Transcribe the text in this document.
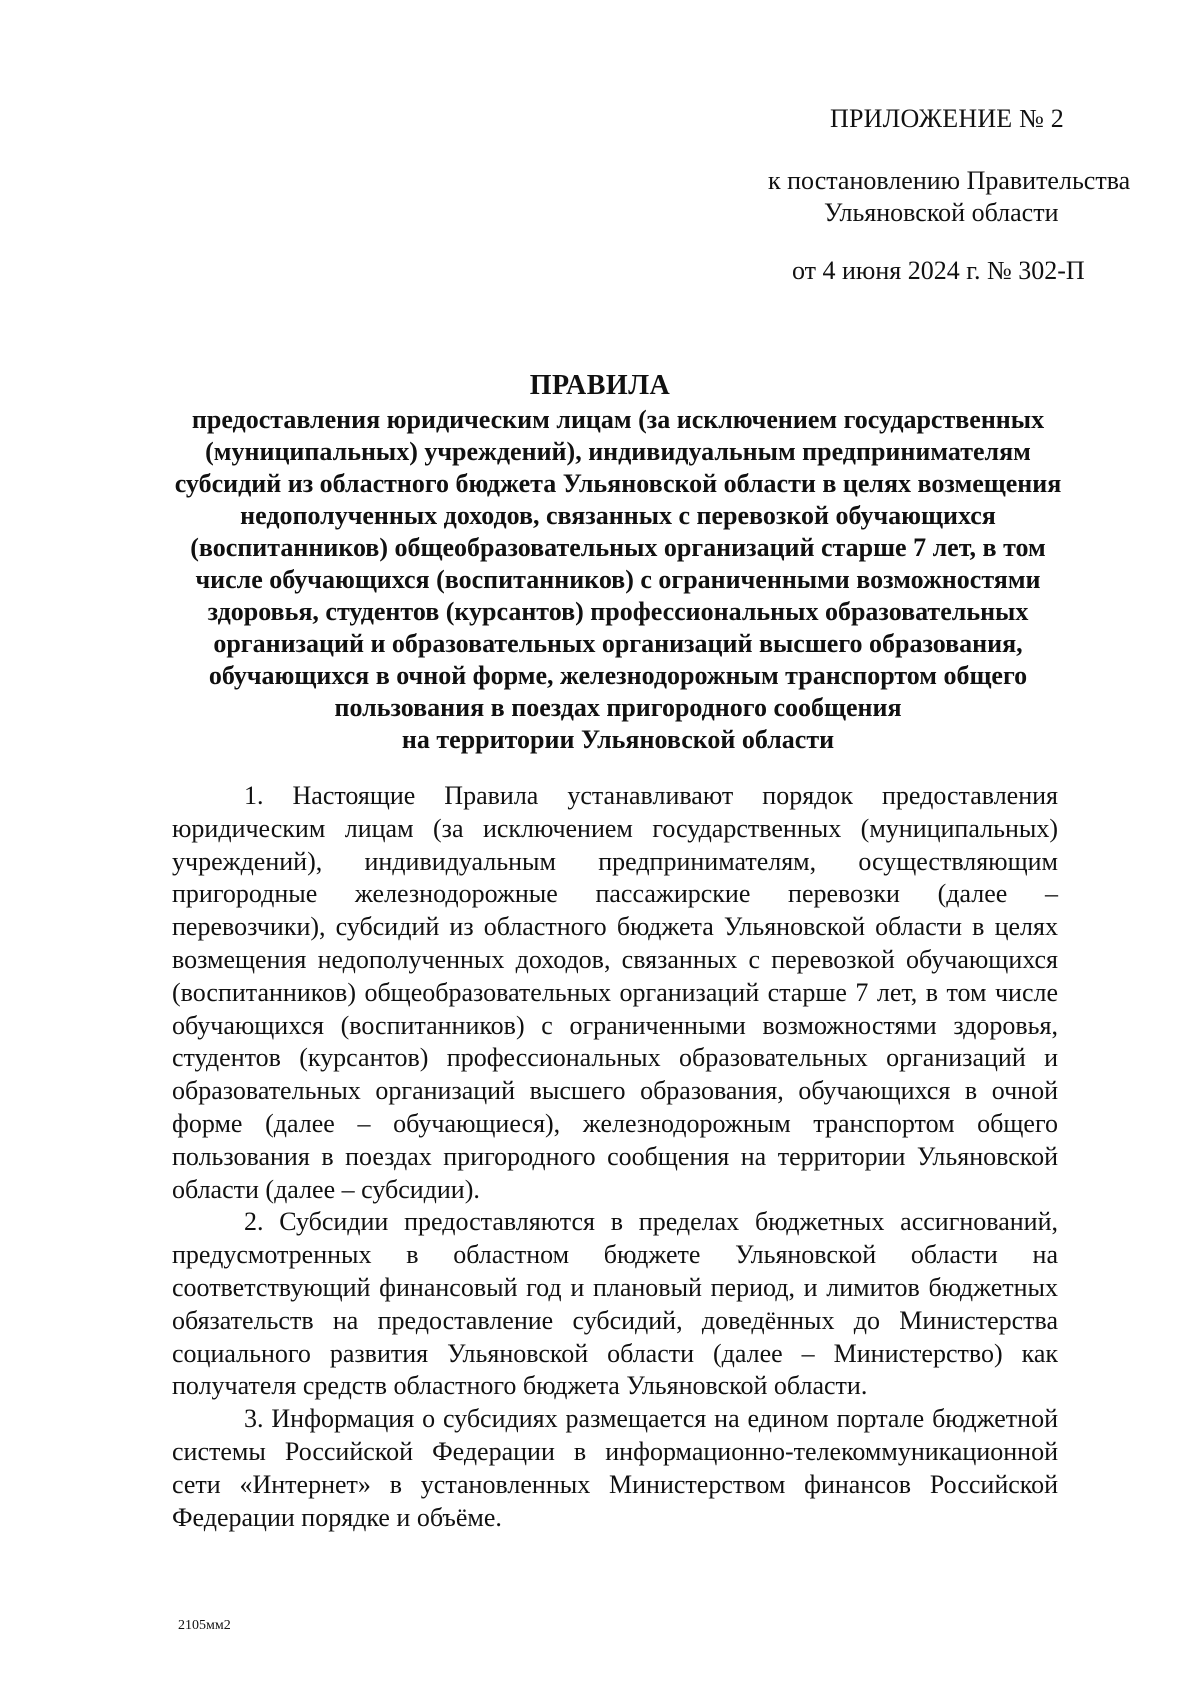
ПРИЛОЖЕНИЕ № 2
к постановлению Правительства
Ульяновской области
от 4 июня 2024 г. № 302-П
ПРАВИЛА
предоставления юридическим лицам (за исключением государственных
(муниципальных) учреждений), индивидуальным предпринимателям
субсидий из областного бюджета Ульяновской области в целях возмещения
недополученных доходов, связанных с перевозкой обучающихся
(воспитанников) общеобразовательных организаций старше 7 лет, в том
числе обучающихся (воспитанников) с ограниченными возможностями
здоровья, студентов (курсантов) профессиональных образовательных
организаций и образовательных организаций высшего образования,
обучающихся в очной форме, железнодорожным транспортом общего
пользования в поездах пригородного сообщения
на территории Ульяновской области

1. Настоящие Правила устанавливают порядок предоставления юридическим лицам (за исключением государственных (муниципальных) учреждений), индивидуальным предпринимателям, осуществляющим пригородные железнодорожные пассажирские перевозки (далее – перевозчики), субсидий из областного бюджета Ульяновской области в целях возмещения недополученных доходов, связанных с перевозкой обучающихся (воспитанников) общеобразовательных организаций старше 7 лет, в том числе обучающихся (воспитанников) с ограниченными возможностями здоровья, студентов (курсантов) профессиональных образовательных организаций и образовательных организаций высшего образования, обучающихся в очной форме (далее – обучающиеся), железнодорожным транспортом общего пользования в поездах пригородного сообщения на территории Ульяновской области (далее – субсидии).

2. Субсидии предоставляются в пределах бюджетных ассигнований, предусмотренных в областном бюджете Ульяновской области на соответствующий финансовый год и плановый период, и лимитов бюджетных обязательств на предоставление субсидий, доведённых до Министерства социального развития Ульяновской области (далее – Министерство) как получателя средств областного бюджета Ульяновской области.

3. Информация о субсидиях размещается на едином портале бюджетной системы Российской Федерации в информационно-телекоммуникационной сети «Интернет» в установленных Министерством финансов Российской Федерации порядке и объёме.

2105мм2
